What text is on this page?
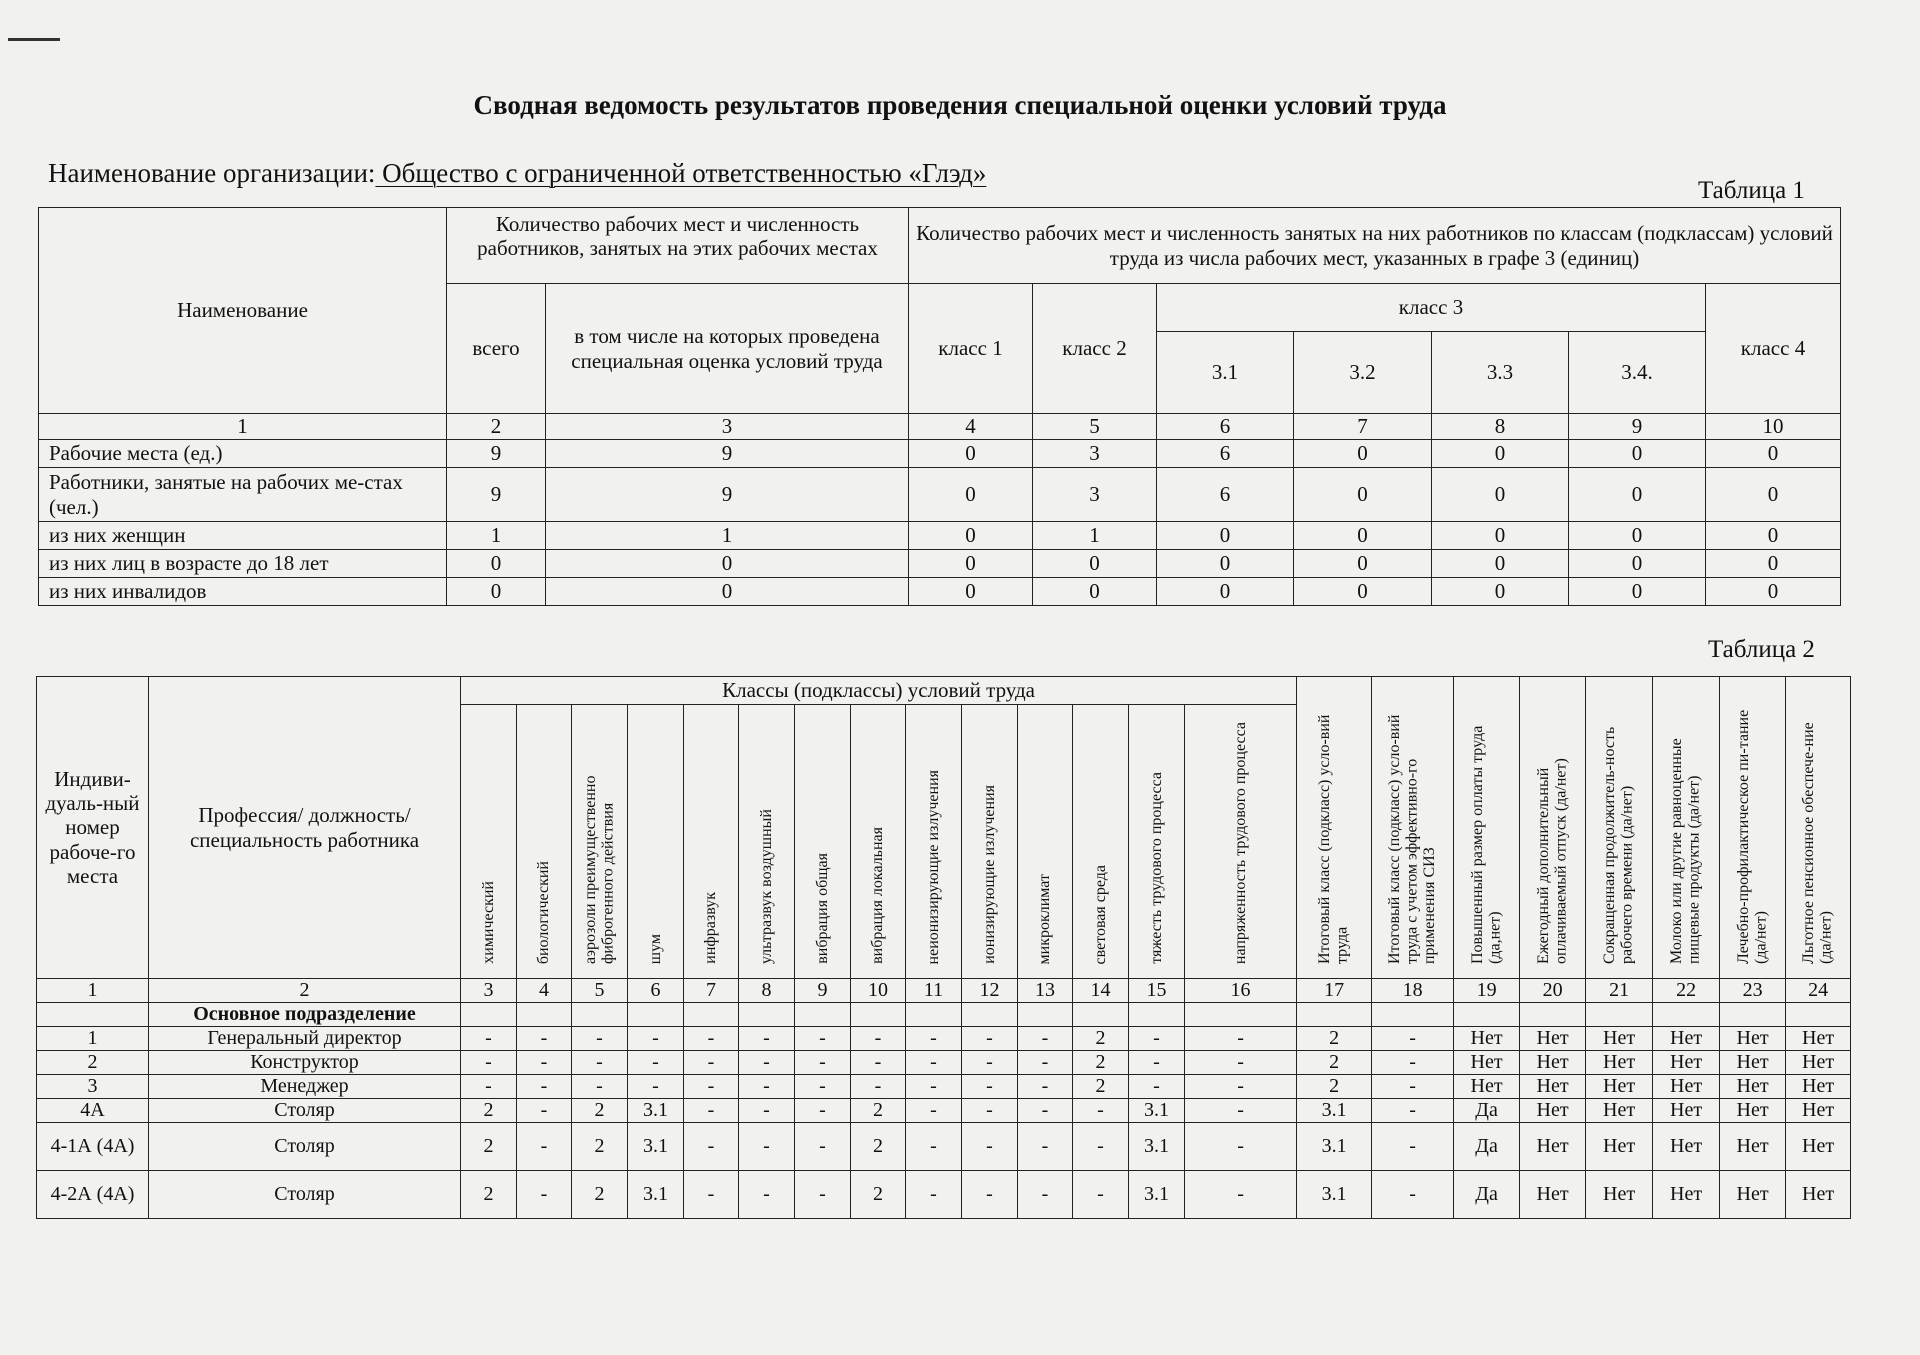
Сводная ведомость результатов проведения специальной оценки условий труда
Наименование организации: Общество с ограниченной ответственностью «Глэд»
Таблица 1
Наименование	Количество рабочих мест и численность работников, занятых на этих рабочих местах		Количество рабочих мест и численность занятых на них работников по классам (подклассам) условий труда из числа рабочих мест, указанных в графе 3 (единиц)						
	всего	в том числе на которых проведена специальная оценка условий труда	класс 1	класс 2	класс 3				класс 4
					3.1	3.2	3.3	3.4.	
1	2	3	4	5	6	7	8	9	10
Рабочие места (ед.)	9	9	0	3	6	0	0	0	0
Работники, занятые на рабочих ме-стах (чел.)	9	9	0	3	6	0	0	0	0
из них женщин	1	1	0	1	0	0	0	0	0
из них лиц в возрасте до 18 лет	0	0	0	0	0	0	0	0	0
из них инвалидов	0	0	0	0	0	0	0	0	0
Таблица 2
Индиви-дуаль-ный номер рабоче-го места	Профессия/ должность/ специальность работника	Классы (подклассы) условий труда														Итоговый класс (подкласс) усло-вий труда	Итоговый класс (подкласс) усло-вий труда с учетом эффективно-го применения СИЗ	Повышенный размер оплаты труда (да,нет)	Ежегодный дополнительный оплачиваемый отпуск (да/нет)	Сокращенная продолжитель-ность рабочего времени (да/нет)	Молоко или другие равноценные пищевые продукты (да/нет)	Лечебно-профилактическое пи-тание (да/нет)	Льготное пенсионное обеспече-ние (да/нет)
		химический	биологический	аэрозоли преимущественно фиброгенного действия	шум	инфразвук	ультразвук воздушный	вибрация общая	вибрация локальная	неионизирующие излучения	ионизирующие излучения	микроклимат	световая среда	тяжесть трудового процесса	напряженность трудового процесса								
1	2	3	4	5	6	7	8	9	10	11	12	13	14	15	16	17	18	19	20	21	22	23	24
	Основное подразделение																						
1	Генеральный директор	-	-	-	-	-	-	-	-	-	-	-	2	-	-	2	-	Нет	Нет	Нет	Нет	Нет	Нет
2	Конструктор	-	-	-	-	-	-	-	-	-	-	-	2	-	-	2	-	Нет	Нет	Нет	Нет	Нет	Нет
3	Менеджер	-	-	-	-	-	-	-	-	-	-	-	2	-	-	2	-	Нет	Нет	Нет	Нет	Нет	Нет
4А	Столяр	2	-	2	3.1	-	-	-	2	-	-	-	-	3.1	-	3.1	-	Да	Нет	Нет	Нет	Нет	Нет
4-1А (4А)	Столяр	2	-	2	3.1	-	-	-	2	-	-	-	-	3.1	-	3.1	-	Да	Нет	Нет	Нет	Нет	Нет
4-2А (4А)	Столяр	2	-	2	3.1	-	-	-	2	-	-	-	-	3.1	-	3.1	-	Да	Нет	Нет	Нет	Нет	Нет
